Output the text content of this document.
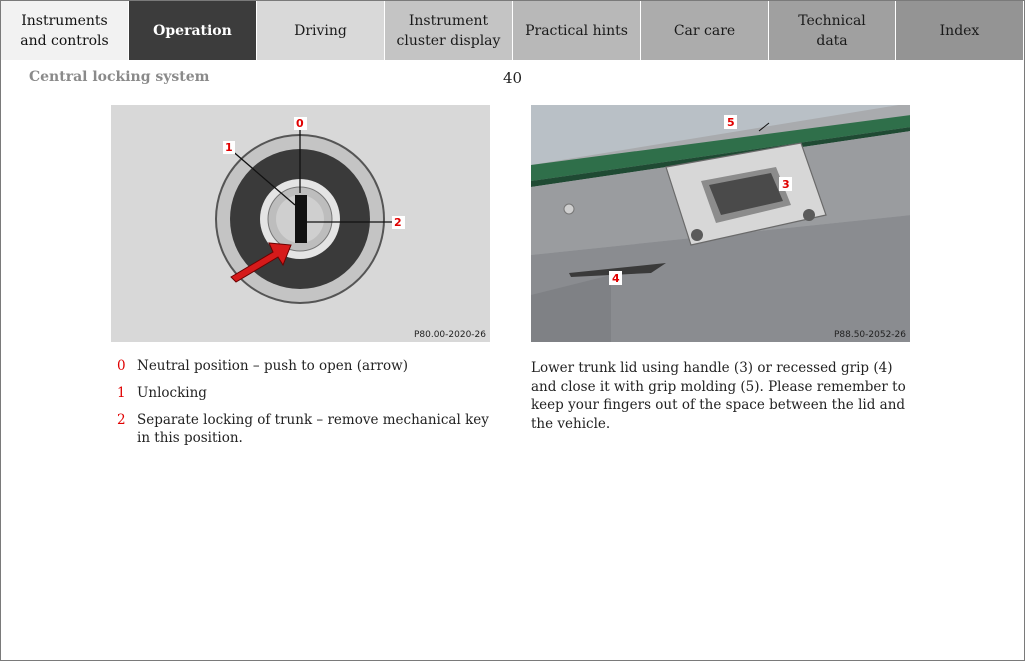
Instruments
and controls
Operation	Driving
Instrument
cluster display
Practical hints	Car care
Technical
data
Index
Central locking system	40
0
1
2
P80.00-2020-26
5
3
4
P88.50-2052-26
0 Neutral position – push to open (arrow)
1 Unlocking
2 Separate locking of trunk – remove mechanical key in this position.
Lower trunk lid using handle (3) or recessed grip (4) and close it with grip molding (5). Please remember to keep your fingers out of the space between the lid and the vehicle.
